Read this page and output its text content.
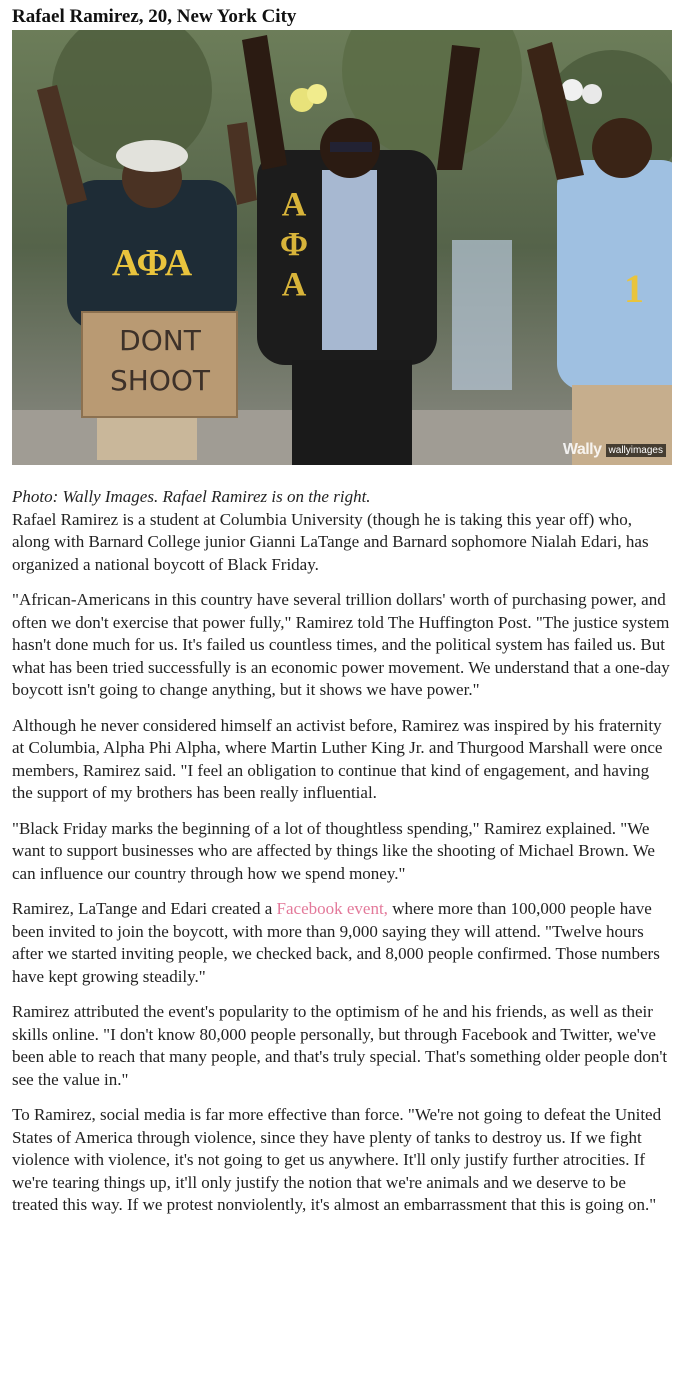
Rafael Ramirez, 20, New York City
ΑΦΑ
DONT
SHOOT
Α
Φ
Α	1
Wally wallyimages

Photo: Wally Images. Rafael Ramirez is on the right.

Rafael Ramirez is a student at Columbia University (though he is taking this year off) who, along with Barnard College junior Gianni LaTange and Barnard sophomore Nialah Edari, has organized a national boycott of Black Friday.

"African-Americans in this country have several trillion dollars' worth of purchasing power, and often we don't exercise that power fully," Ramirez told The Huffington Post. "The justice system hasn't done much for us. It's failed us countless times, and the political system has failed us. But what has been tried successfully is an economic power movement. We understand that a one-day boycott isn't going to change anything, but it shows we have power."

Although he never considered himself an activist before, Ramirez was inspired by his fraternity at Columbia, Alpha Phi Alpha, where Martin Luther King Jr. and Thurgood Marshall were once members, Ramirez said. "I feel an obligation to continue that kind of engagement, and having the support of my brothers has been really influential.

"Black Friday marks the beginning of a lot of thoughtless spending," Ramirez explained. "We want to support businesses who are affected by things like the shooting of Michael Brown. We can influence our country through how we spend money."

Ramirez, LaTange and Edari created a Facebook event, where more than 100,000 people have been invited to join the boycott, with more than 9,000 saying they will attend. "Twelve hours after we started inviting people, we checked back, and 8,000 people confirmed. Those numbers have kept growing steadily."

Ramirez attributed the event's popularity to the optimism of he and his friends, as well as their skills online. "I don't know 80,000 people personally, but through Facebook and Twitter, we've been able to reach that many people, and that's truly special. That's something older people don't see the value in."

To Ramirez, social media is far more effective than force. "We're not going to defeat the United States of America through violence, since they have plenty of tanks to destroy us. If we fight violence with violence, it's not going to get us anywhere. It'll only justify further atrocities. If we're tearing things up, it'll only justify the notion that we're animals and we deserve to be treated this way. If we protest nonviolently, it's almost an embarrassment that this is going on."
